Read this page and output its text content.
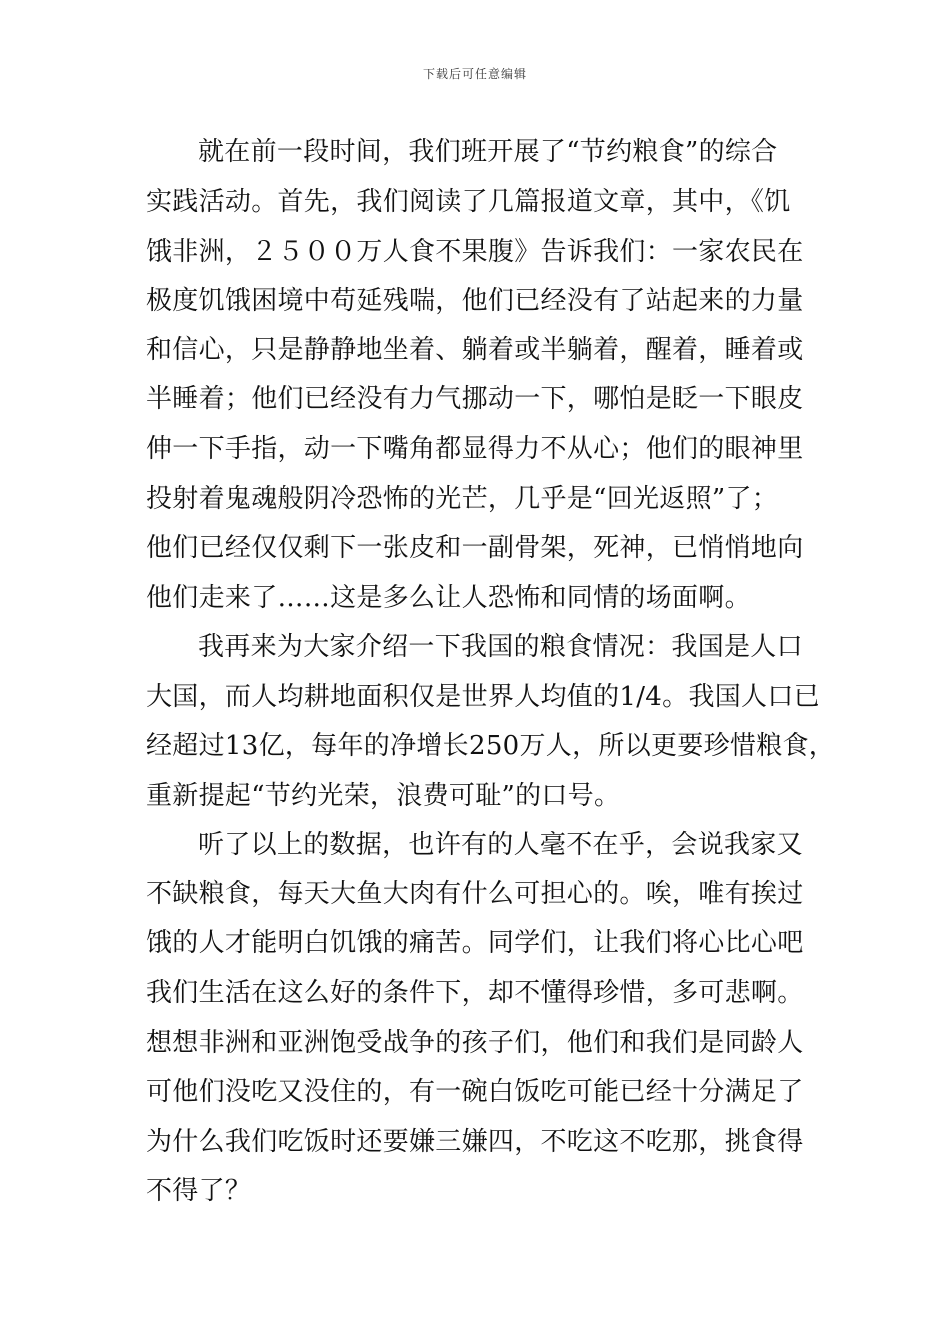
下载后可任意编辑
就在前一段时间，我们班开展了“节约粮食”的综合
实践活动。首先，我们阅读了几篇报道文章，其中，《饥
饿非洲，２５００万人食不果腹》告诉我们：一家农民在
极度饥饿困境中苟延残喘，他们已经没有了站起来的力量
和信心，只是静静地坐着、躺着或半躺着，醒着，睡着或
半睡着；他们已经没有力气挪动一下，哪怕是眨一下眼皮
伸一下手指，动一下嘴角都显得力不从心；他们的眼神里
投射着鬼魂般阴冷恐怖的光芒，几乎是“回光返照”了；
他们已经仅仅剩下一张皮和一副骨架，死神，已悄悄地向
他们走来了……这是多么让人恐怖和同情的场面啊。
我再来为大家介绍一下我国的粮食情况：我国是人口
大国，而人均耕地面积仅是世界人均值的1/4。我国人口已
经超过13亿，每年的净增长250万人，所以更要珍惜粮食，
重新提起“节约光荣，浪费可耻”的口号。
听了以上的数据，也许有的人毫不在乎，会说我家又
不缺粮食，每天大鱼大肉有什么可担心的。唉，唯有挨过
饿的人才能明白饥饿的痛苦。同学们，让我们将心比心吧
我们生活在这么好的条件下，却不懂得珍惜，多可悲啊。
想想非洲和亚洲饱受战争的孩子们，他们和我们是同龄人
可他们没吃又没住的，有一碗白饭吃可能已经十分满足了
为什么我们吃饭时还要嫌三嫌四，不吃这不吃那，挑食得
不得了？
